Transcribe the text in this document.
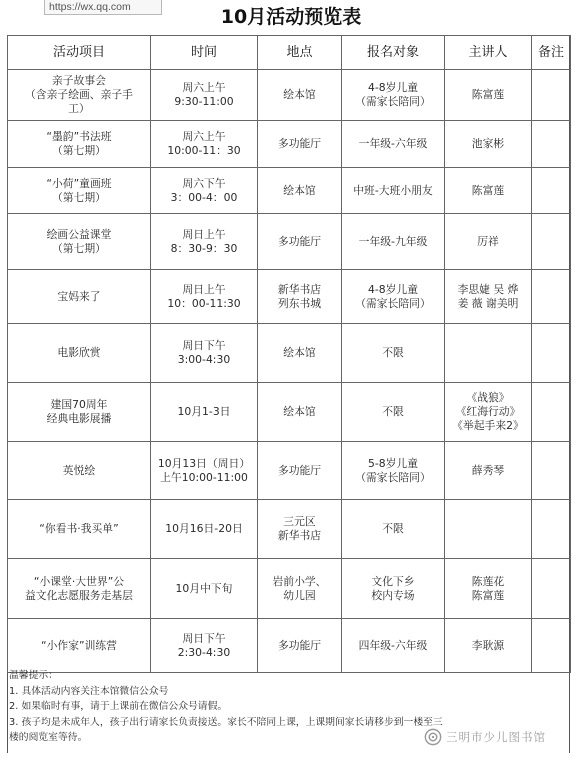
https://wx.qq.com	10月活动预览表
活动项目	时间	地点	报名对象	主讲人	备注

亲子故事会
（含亲子绘画、亲子手
工）	周六上午
9:30-11:00	绘本馆	4-8岁儿童
（需家长陪同）	陈富莲	

“墨韵”书法班
（第七期）	周六上午
10:00-11：30	多功能厅	一年级-六年级	池家彬	

“小荷”童画班
（第七期）	周六下午
3：00-4：00	绘本馆	中班-大班小朋友	陈富莲	

绘画公益课堂
（第七期）	周日上午
8：30-9：30	多功能厅	一年级-九年级	厉祥	

宝妈来了	周日上午
10：00-11:30	新华书店
列东书城	4-8岁儿童
（需家长陪同）	李思婕 吴 烨
姜 薇 谢美明	

电影欣赏	周日下午
3:00-4:30	绘本馆	不限		

建国70周年
经典电影展播	10月1-3日	绘本馆	不限	《战狼》
《红海行动》
《举起手来2》	

英悦绘	10月13日（周日）
上午10:00-11:00	多功能厅	5-8岁儿童
（需家长陪同）	薛秀琴	

“你看书·我买单”	10月16日-20日	三元区
新华书店	不限		

“小课堂·大世界”公
益文化志愿服务走基层	10月中下旬	岩前小学、
幼儿园	文化下乡
校内专场	陈莲花
陈富莲	

“小作家”训练营	周日下午
2:30-4:30	多功能厅	四年级-六年级	李耿源	

温馨提示：
1. 具体活动内容关注本馆微信公众号
2. 如果临时有事，请于上课前在微信公众号请假。
3. 孩子均是未成年人，孩子出行请家长负责接送。家长不陪同上课，上课期间家长请移步到一楼至三
楼的阅览室等待。	三明市少儿图书馆
